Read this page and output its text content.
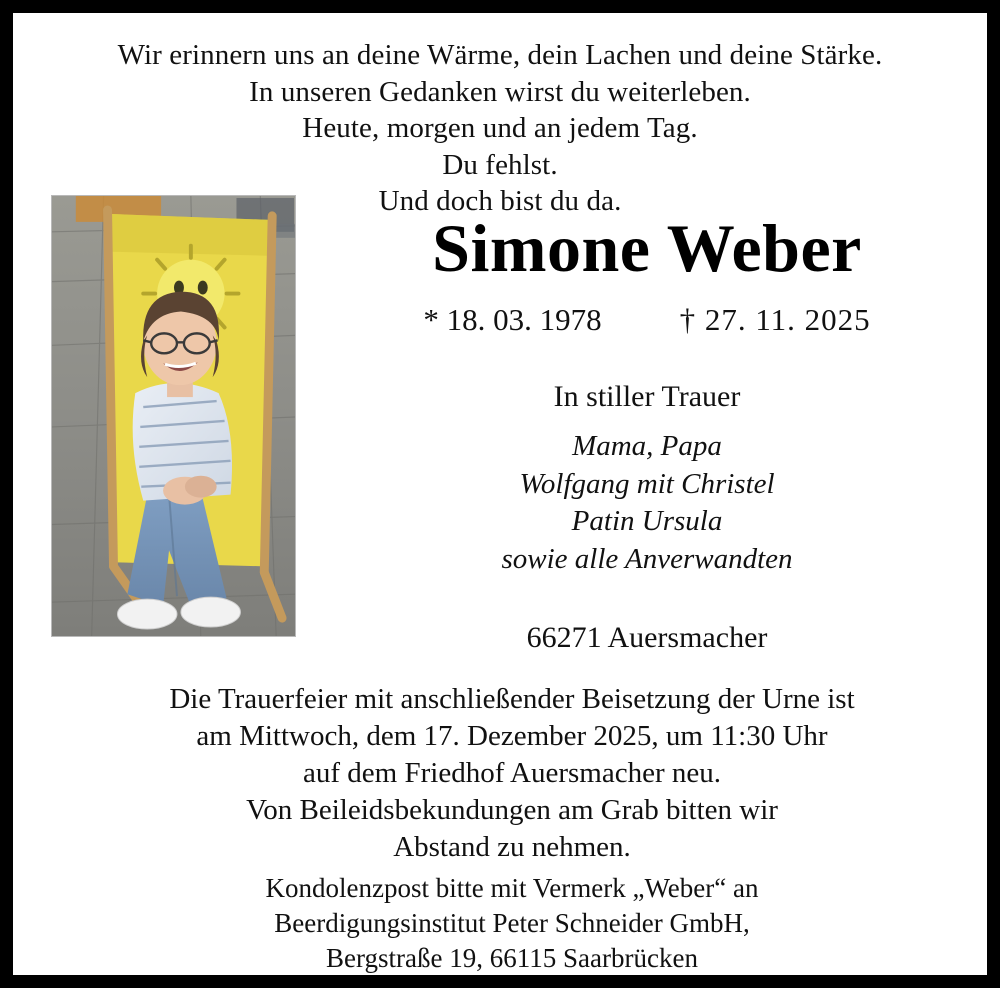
Wir erinnern uns an deine Wärme, dein Lachen und deine Stärke.
In unseren Gedanken wirst du weiterleben.
Heute, morgen und an jedem Tag.
Du fehlst.
Und doch bist du da.
Simone Weber
* 18. 03. 1978	† 27. 11. 2025
In stiller Trauer
Mama, Papa
Wolfgang mit Christel
Patin Ursula
sowie alle Anverwandten
66271 Auersmacher
Die Trauerfeier mit anschließender Beisetzung der Urne ist
am Mittwoch, dem 17. Dezember 2025, um 11:30 Uhr
auf dem Friedhof Auersmacher neu.
Von Beileidsbekundungen am Grab bitten wir
Abstand zu nehmen.
Kondolenzpost bitte mit Vermerk „Weber“ an
Beerdigungsinstitut Peter Schneider GmbH,
Bergstraße 19, 66115 Saarbrücken
